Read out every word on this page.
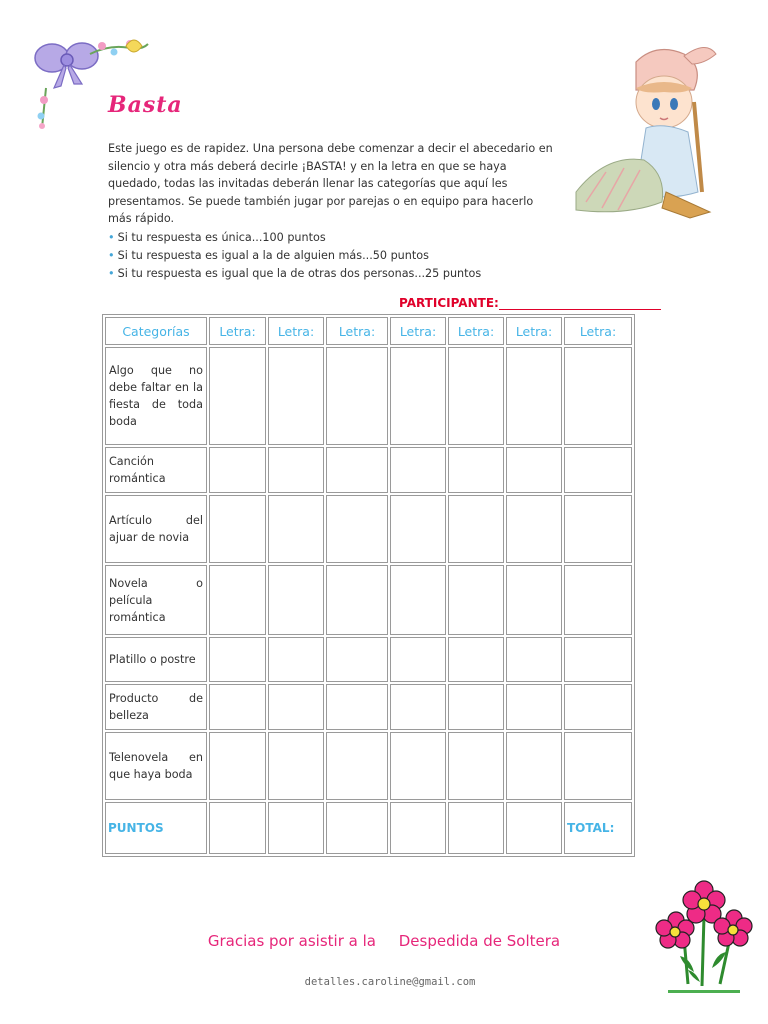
Basta
Este juego es de rapidez. Una persona debe comenzar a decir el abecedario en silencio y otra más deberá decirle ¡BASTA! y en la letra en que se haya quedado, todas las invitadas deberán llenar las categorías que aquí les presentamos. Se puede también jugar por parejas o en equipo para hacerlo más rápido.
• Si tu respuesta es única...100 puntos
• Si tu respuesta es igual a la de alguien más...50 puntos
• Si tu respuesta es igual que la de otras dos personas...25 puntos
PARTICIPANTE:
Categorías	Letra:	Letra:	Letra:	Letra:	Letra:	Letra:	Letra:
Algo que no debe faltar en la fiesta de toda boda							
Canción romántica							
Artículo del ajuar de novia							
Novela o película romántica							
Platillo o postre							
Producto de belleza							
Telenovela en que haya boda							
PUNTOS							TOTAL:
Gracias por asistir a la Despedida de Soltera
detalles.caroline@gmail.com
